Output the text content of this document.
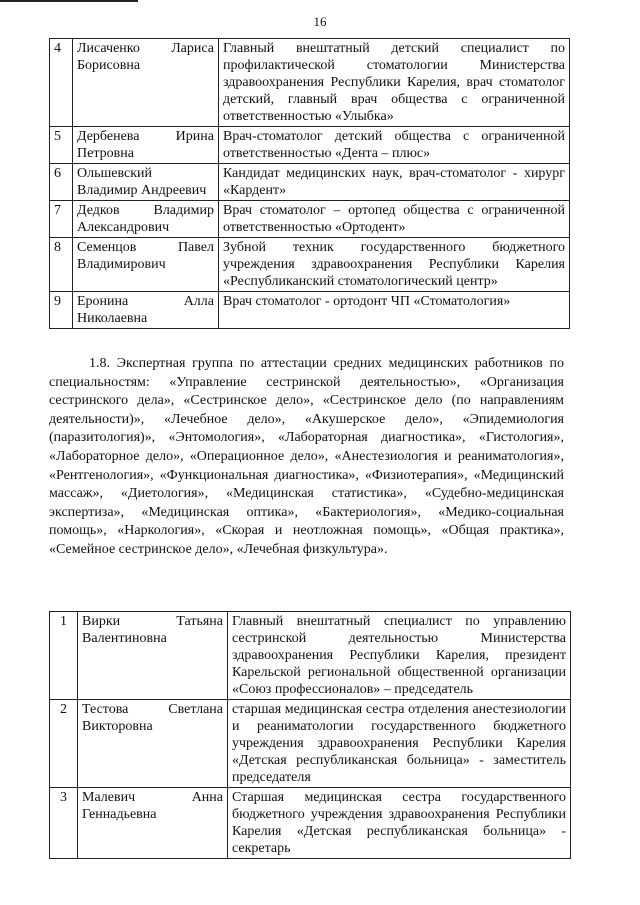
16
4	Лисаченко Лариса Борисовна	Главный внештатный детский специалист по профилактической стоматологии Министерства здравоохранения Республики Карелия, врач стоматолог детский, главный врач общества с ограниченной ответственностью «Улыбка»
5	Дербенева Ирина Петровна	Врач-стоматолог детский общества с ограниченной ответственностью «Дента – плюс»
6	Ольшевский Владимир Андреевич	Кандидат медицинских наук, врач-стоматолог - хирург «Кардент»
7	Дедков Владимир Александрович	Врач стоматолог – ортопед общества с ограниченной ответственностью «Ортодент»
8	Семенцов Павел Владимирович	Зубной техник государственного бюджетного учреждения здравоохранения Республики Карелия «Республиканский стоматологический центр»
9	Еронина Алла Николаевна	Врач стоматолог - ортодонт ЧП «Стоматология»
1.8. Экспертная группа по аттестации средних медицинских работников по специальностям: «Управление сестринской деятельностью», «Организация сестринского дела», «Сестринское дело», «Сестринское дело (по направлениям деятельности)», «Лечебное дело», «Акушерское дело», «Эпидемиология (паразитология)», «Энтомология», «Лабораторная диагностика», «Гистология», «Лабораторное дело», «Операционное дело», «Анестезиология и реаниматология», «Рентгенология», «Функциональная диагностика», «Физиотерапия», «Медицинский массаж», «Диетология», «Медицинская статистика», «Судебно-медицинская экспертиза», «Медицинская оптика», «Бактериология», «Медико-социальная помощь», «Наркология», «Скорая и неотложная помощь», «Общая практика», «Семейное сестринское дело», «Лечебная физкультура».
1	Вирки Татьяна Валентиновна	Главный внештатный специалист по управлению сестринской деятельностью Министерства здравоохранения Республики Карелия, президент Карельской региональной общественной организации «Союз профессионалов» – председатель
2	Тестова Светлана Викторовна	старшая медицинская сестра отделения анестезиологии и реаниматологии государственного бюджетного учреждения здравоохранения Республики Карелия «Детская республиканская больница» - заместитель председателя
3	Малевич Анна Геннадьевна	Старшая медицинская сестра государственного бюджетного учреждения здравоохранения Республики Карелия «Детская республиканская больница» - секретарь
